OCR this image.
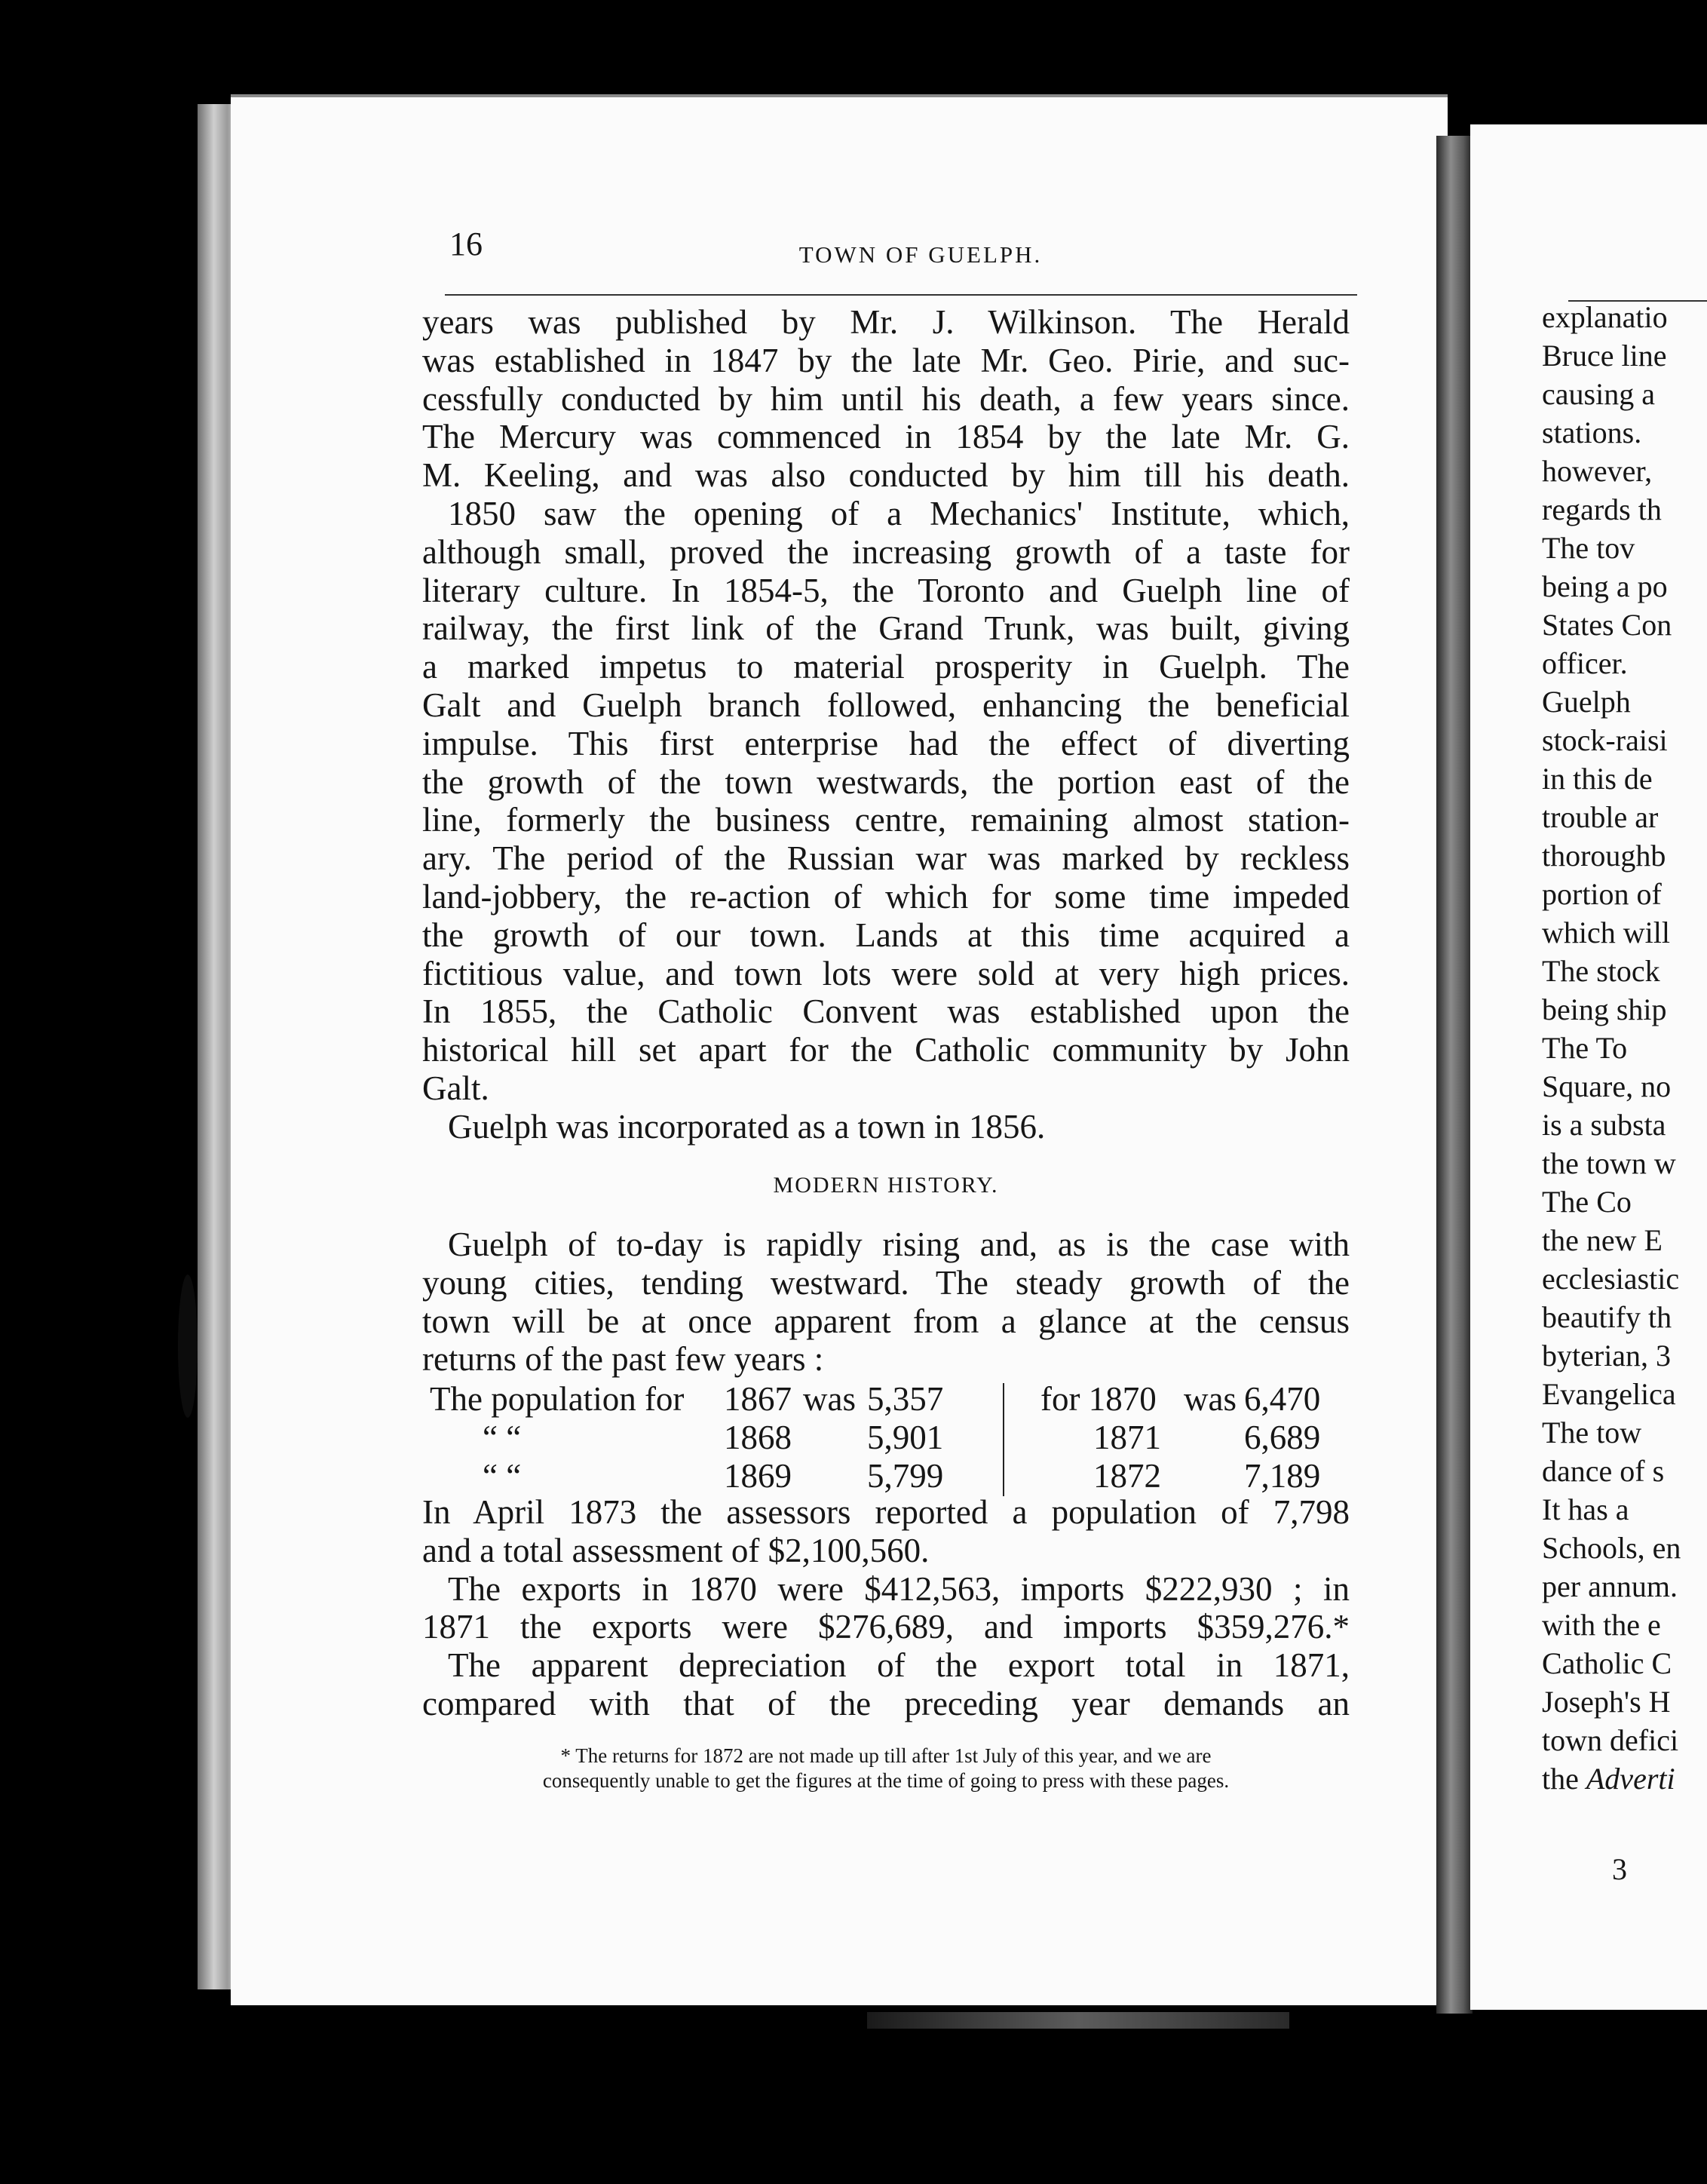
16	TOWN OF GUELPH.

years was published by Mr. J. Wilkinson. The Herald
was established in 1847 by the late Mr. Geo. Pirie, and suc-
cessfully conducted by him until his death, a few years since.
The Mercury was commenced in 1854 by the late Mr. G.
M. Keeling, and was also conducted by him till his death.
1850 saw the opening of a Mechanics' Institute, which,
although small, proved the increasing growth of a taste for
literary culture. In 1854-5, the Toronto and Guelph line of
railway, the first link of the Grand Trunk, was built, giving
a marked impetus to material prosperity in Guelph. The
Galt and Guelph branch followed, enhancing the beneficial
impulse. This first enterprise had the effect of diverting
the growth of the town westwards, the portion east of the
line, formerly the business centre, remaining almost station-
ary. The period of the Russian war was marked by reckless
land-jobbery, the re-action of which for some time impeded
the growth of our town. Lands at this time acquired a
fictitious value, and town lots were sold at very high prices.
In 1855, the Catholic Convent was established upon the
historical hill set apart for the Catholic community by John
Galt.
Guelph was incorporated as a town in 1856.

MODERN HISTORY.

Guelph of to-day is rapidly rising and, as is the case with
young cities, tending westward. The steady growth of the
town will be at once apparent from a glance at the census
returns of the past few years :

The population for 1867 was 5,357	for 1870 was 6,470
“ “	1868 5,901	1871 6,689
“ “	1869 5,799	1872 7,189

In April 1873 the assessors reported a population of 7,798
and a total assessment of $2,100,560.
The exports in 1870 were $412,563, imports $222,930 ; in
1871 the exports were $276,689, and imports $359,276.*
The apparent depreciation of the export total in 1871,
compared with that of the preceding year demands an

* The returns for 1872 are not made up till after 1st July of this year, and we are
consequently unable to get the figures at the time of going to press with these pages.
explanatio
Bruce line
causing a
stations.
however,
regards th
The tov
being a po
States Con
officer.
Guelph
stock-raisi
in this de
trouble ar
thoroughb
portion of
which will
The stock
being ship
The To
Square, no
is a substa
the town w
The Co
the new E
ecclesiastic
beautify th
byterian, 3
Evangelica
The tow
dance of s
It has a
Schools, en
per annum.
with the e
Catholic C
Joseph's H
town defici
the Adverti
3
